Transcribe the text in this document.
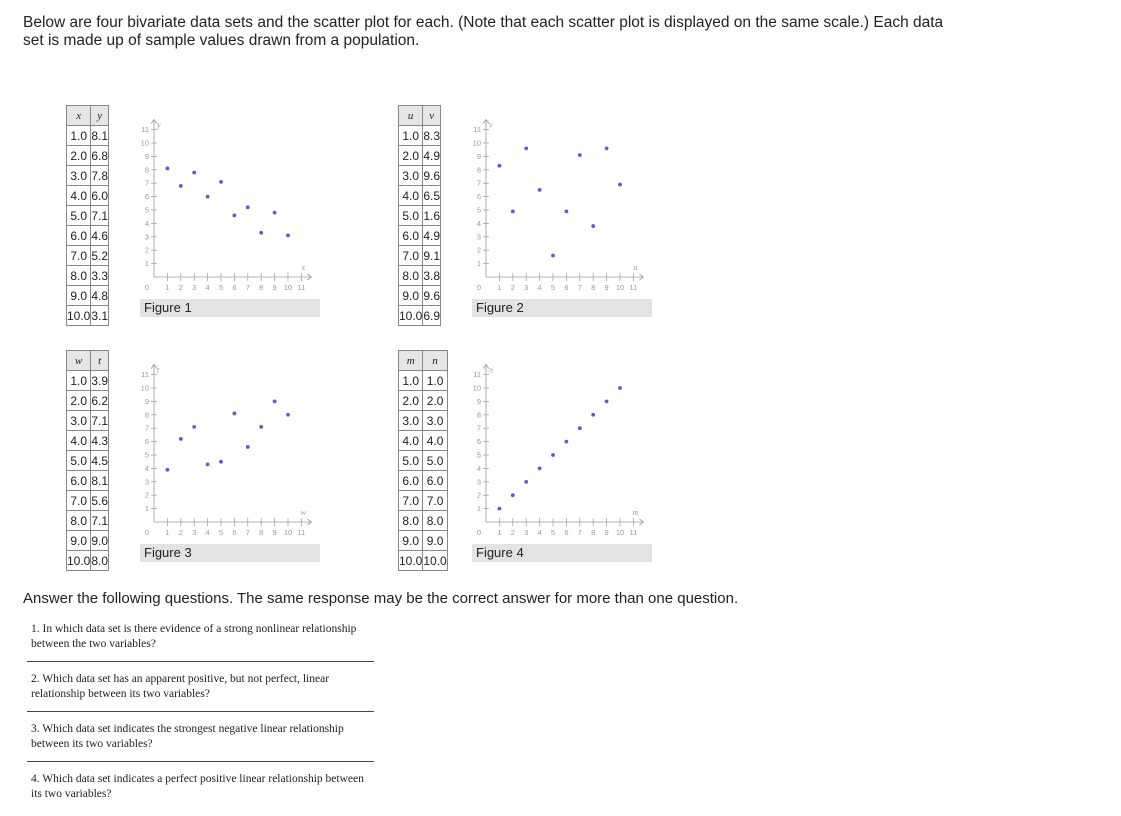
Below are four bivariate data sets and the scatter plot for each. (Note that each scatter plot is displayed on the same scale.) Each data set is made up of sample values drawn from a population.

x	y
1.0	8.1
2.0	6.8
3.0	7.8
4.0	6.0
5.0	7.1
6.0	4.6
7.0	5.2
8.0	3.3
9.0	4.8
10.0	3.1
1 2 3 4 5 6 7 8 9 10 11
1
2
3
4
5
6
7
8
9
10
11
0
x
y
Figure 1
u	v
1.0	8.3
2.0	4.9
3.0	9.6
4.0	6.5
5.0	1.6
6.0	4.9
7.0	9.1
8.0	3.8
9.0	9.6
10.0	6.9
1 2 3 4 5 6 7 8 9 10 11
1
2
3
4
5
6
7
8
9
10
11
0
u
v
Figure 2
w	t
1.0	3.9
2.0	6.2
3.0	7.1
4.0	4.3
5.0	4.5
6.0	8.1
7.0	5.6
8.0	7.1
9.0	9.0
10.0	8.0
1 2 3 4 5 6 7 8 9 10 11
1
2
3
4
5
6
7
8
9
10
11
0
w
t
Figure 3
m	n
1.0	1.0
2.0	2.0
3.0	3.0
4.0	4.0
5.0	5.0
6.0	6.0
7.0	7.0
8.0	8.0
9.0	9.0
10.0	10.0
1 2 3 4 5 6 7 8 9 10 11
1
2
3
4
5
6
7
8
9
10
11
0
m
n
Figure 4

Answer the following questions. The same response may be the correct answer for more than one question.

1. In which data set is there evidence of a strong nonlinear relationship between the two variables?

2. Which data set has an apparent positive, but not perfect, linear relationship between its two variables?

3. Which data set indicates the strongest negative linear relationship between its two variables?

4. Which data set indicates a perfect positive linear relationship between its two variables?
